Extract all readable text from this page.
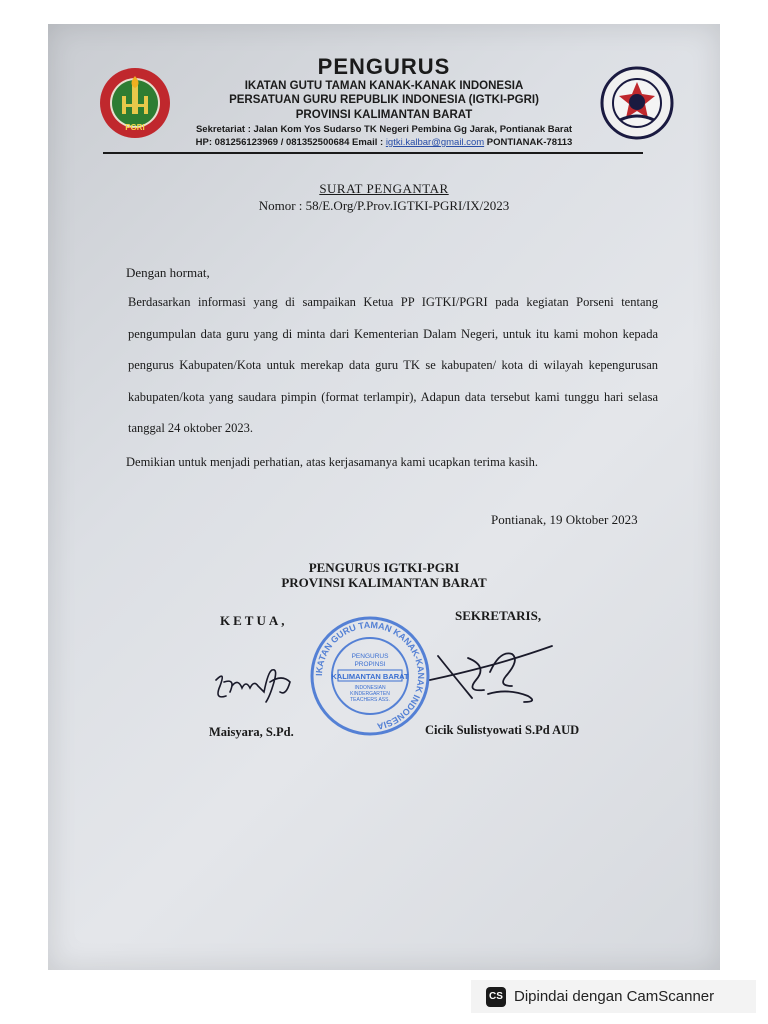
PGRI
PENGURUS
IKATAN GUTU TAMAN KANAK-KANAK INDONESIA
PERSATUAN GURU REPUBLIK INDONESIA (IGTKI-PGRI)
PROVINSI KALIMANTAN BARAT
Sekretariat : Jalan Kom Yos Sudarso TK Negeri Pembina Gg Jarak, Pontianak Barat
HP: 081256123969 / 081352500684 Email : igtki.kalbar@gmail.com PONTIANAK-78113
SURAT PENGANTAR
Nomor : 58/E.Org/P.Prov.IGTKI-PGRI/IX/2023
Dengan hormat,
Berdasarkan informasi yang di sampaikan Ketua PP IGTKI/PGRI pada kegiatan Porseni tentang pengumpulan data guru yang di minta dari Kementerian Dalam Negeri, untuk itu kami mohon kepada pengurus Kabupaten/Kota untuk merekap data guru TK se kabupaten/ kota di wilayah kepengurusan kabupaten/kota yang saudara pimpin (format terlampir), Adapun data tersebut kami tunggu hari selasa tanggal 24 oktober 2023.
Demikian untuk menjadi perhatian, atas kerjasamanya kami ucapkan terima kasih.
Pontianak, 19 Oktober 2023
PENGURUS IGTKI-PGRI
PROVINSI KALIMANTAN BARAT
KETUA,	SEKRETARIS,
IKATAN GURU TAMAN KANAK-KANAK INDONESIA
PENGURUS
PROPINSI
KALIMANTAN BARAT
INDONESIAN
KINDERGARTEN
TEACHERS ASS.
Maisyara, S.Pd.	Cicik Sulistyowati S.Pd AUD
CS Dipindai dengan CamScanner
